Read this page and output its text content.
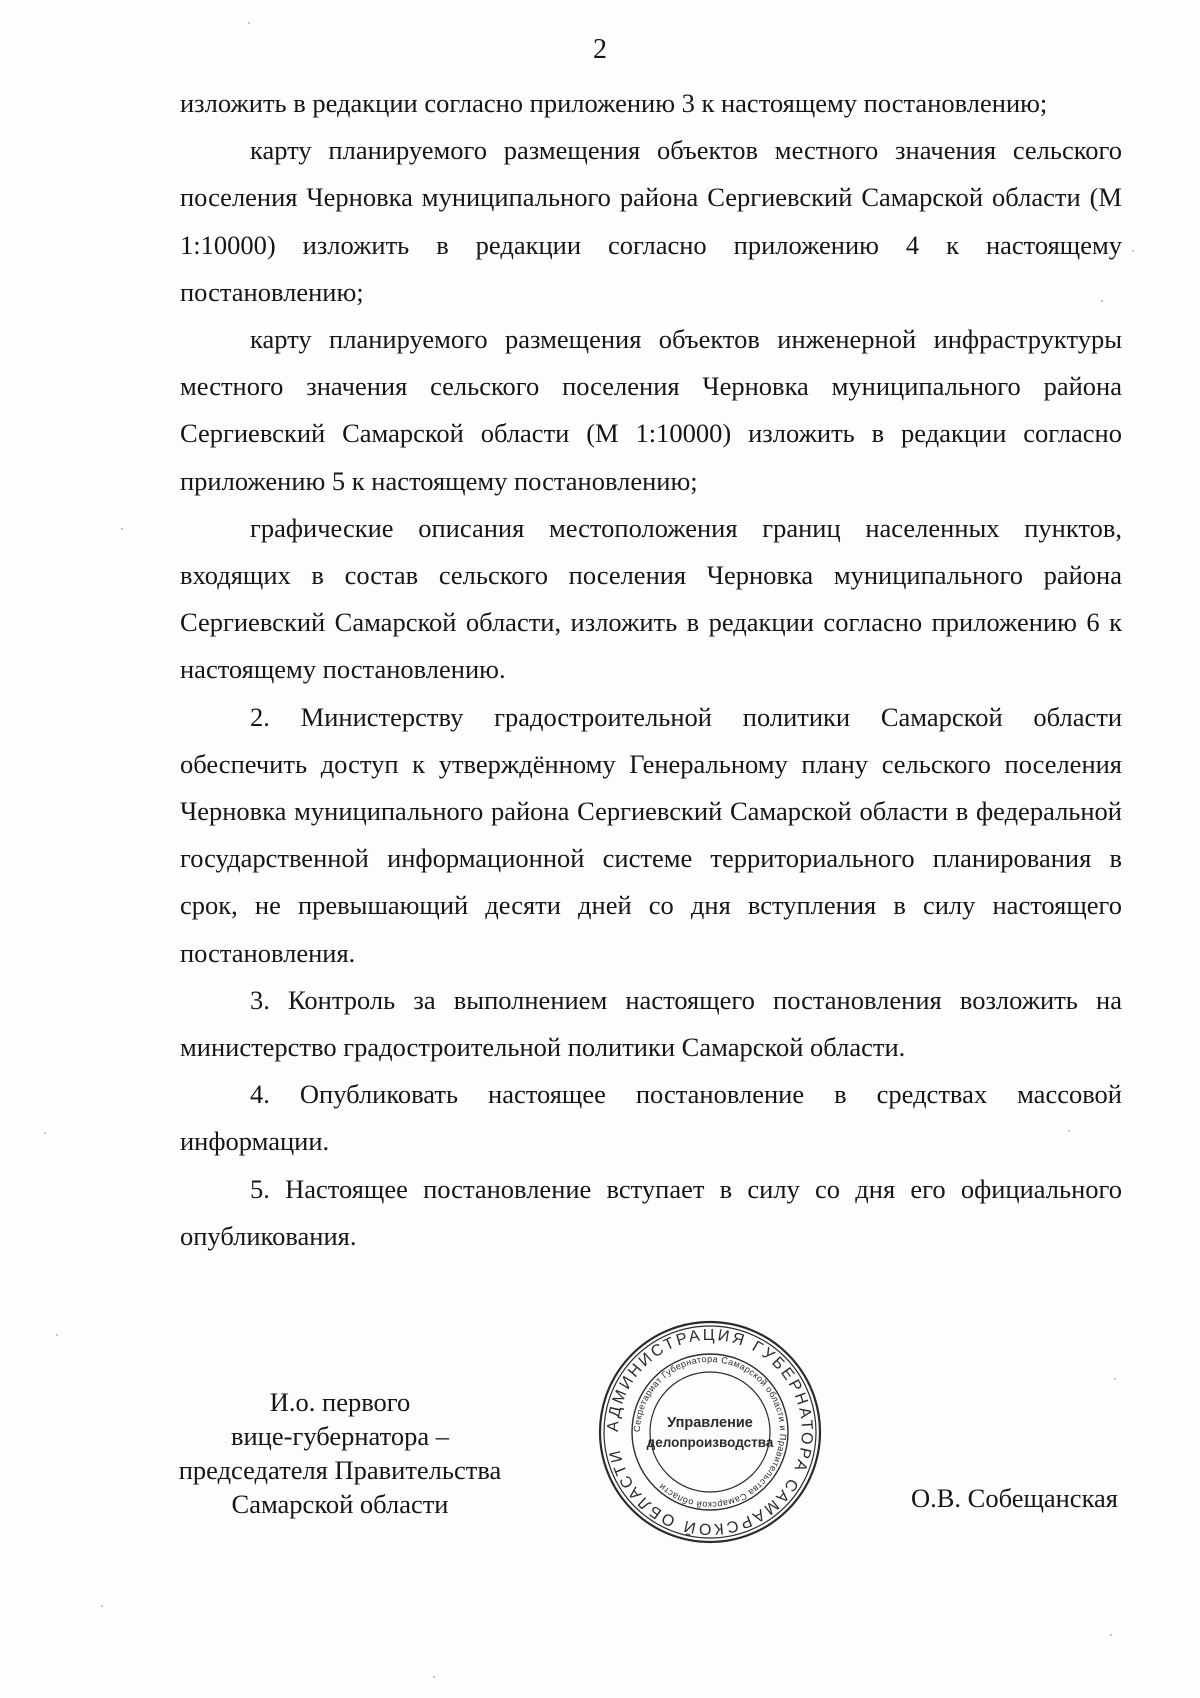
2

изложить в редакции согласно приложению 3 к настоящему постановлению;

карту планируемого размещения объектов местного значения сельского поселения Черновка муниципального района Сергиевский Самарской области (М 1:10000) изложить в редакции согласно приложению 4 к настоящему постановлению;

карту планируемого размещения объектов инженерной инфраструктуры местного значения сельского поселения Черновка муниципального района Сергиевский Самарской области (М 1:10000) изложить в редакции согласно приложению 5 к настоящему постановлению;

графические описания местоположения границ населенных пунктов, входящих в состав сельского поселения Черновка муниципального района Сергиевский Самарской области, изложить в редакции согласно приложению 6 к настоящему постановлению.

2. Министерству градостроительной политики Самарской области обеспечить доступ к утверждённому Генеральному плану сельского поселения Черновка муниципального района Сергиевский Самарской области в федеральной государственной информационной системе территориального планирования в срок, не превышающий десяти дней со дня вступления в силу настоящего постановления.

3. Контроль за выполнением настоящего постановления возложить на министерство градостроительной политики Самарской области.

4. Опубликовать настоящее постановление в средствах массовой информации.

5. Настоящее постановление вступает в силу со дня его официального опубликования.

И.о. первого
вице-губернатора –
председателя Правительства
Самарской области
АДМИНИСТРАЦИЯ ГУБЕРНАТОРА САМАРСКОЙ ОБЛАСТИ
Секретариат Губернатора Самарской области и Правительства Самарской области
Управление
делопроизводства
О.В. Собещанская
